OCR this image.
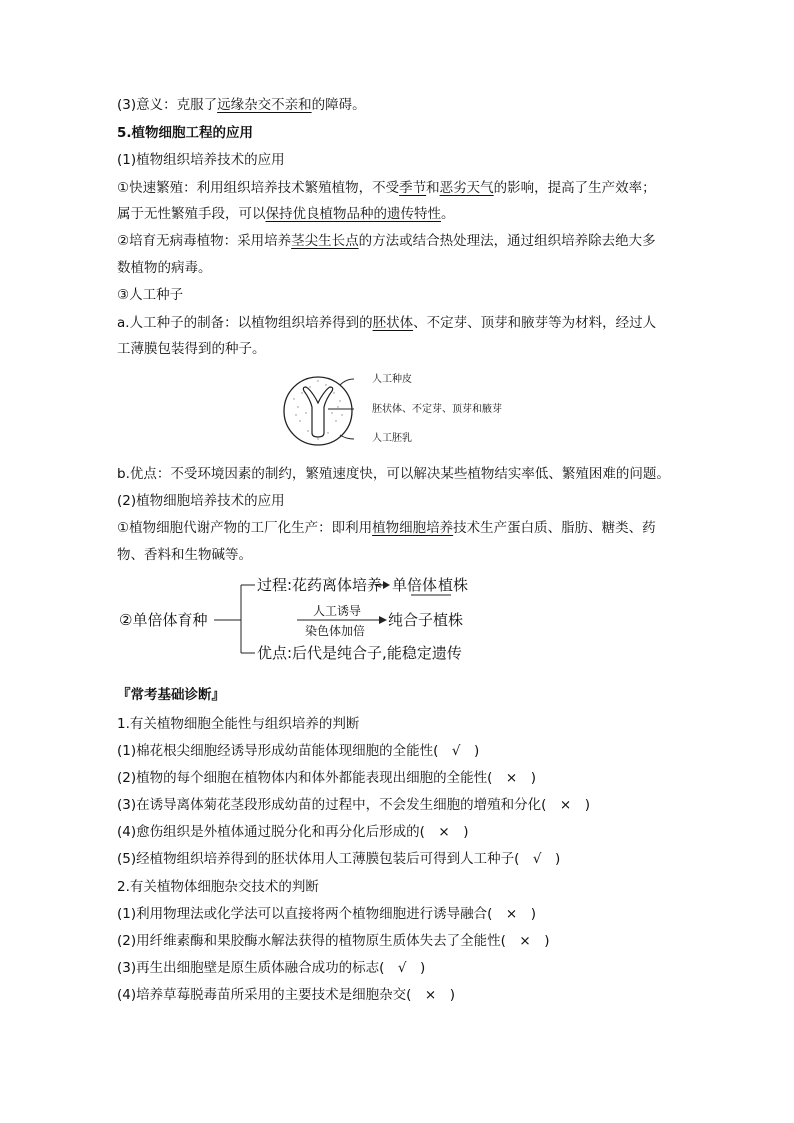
(3)意义：克服了远缘杂交不亲和的障碍。
5.植物细胞工程的应用
(1)植物组织培养技术的应用
①快速繁殖：利用组织培养技术繁殖植物，不受季节和恶劣天气的影响，提高了生产效率；
属于无性繁殖手段，可以保持优良植物品种的遗传特性。
②培育无病毒植物：采用培养茎尖生长点的方法或结合热处理法，通过组织培养除去绝大多
数植物的病毒。
③人工种子
a.人工种子的制备：以植物组织培养得到的胚状体、不定芽、顶芽和腋芽等为材料，经过人
工薄膜包装得到的种子。
人工种皮
胚状体、不定芽、顶芽和腋芽
人工胚乳
b.优点：不受环境因素的制约，繁殖速度快，可以解决某些植物结实率低、繁殖困难的问题。
(2)植物细胞培养技术的应用
①植物细胞代谢产物的工厂化生产：即利用植物细胞培养技术生产蛋白质、脂肪、糖类、药
物、香料和生物碱等。
②单倍体育种
过程:花药离体培养 单倍体 植株
人工诱导
染色体加倍
纯合子植株
优点:后代是纯合子,能稳定遗传
『常考基础诊断』
1.有关植物细胞全能性与组织培养的判断
(1)棉花根尖细胞经诱导形成幼苗能体现细胞的全能性(　√　)
(2)植物的每个细胞在植物体内和体外都能表现出细胞的全能性(　×　)
(3)在诱导离体菊花茎段形成幼苗的过程中，不会发生细胞的增殖和分化(　×　)
(4)愈伤组织是外植体通过脱分化和再分化后形成的(　×　)
(5)经植物组织培养得到的胚状体用人工薄膜包装后可得到人工种子(　√　)
2.有关植物体细胞杂交技术的判断
(1)利用物理法或化学法可以直接将两个植物细胞进行诱导融合(　×　)
(2)用纤维素酶和果胶酶水解法获得的植物原生质体失去了全能性(　×　)
(3)再生出细胞壁是原生质体融合成功的标志(　√　)
(4)培养草莓脱毒苗所采用的主要技术是细胞杂交(　×　)
